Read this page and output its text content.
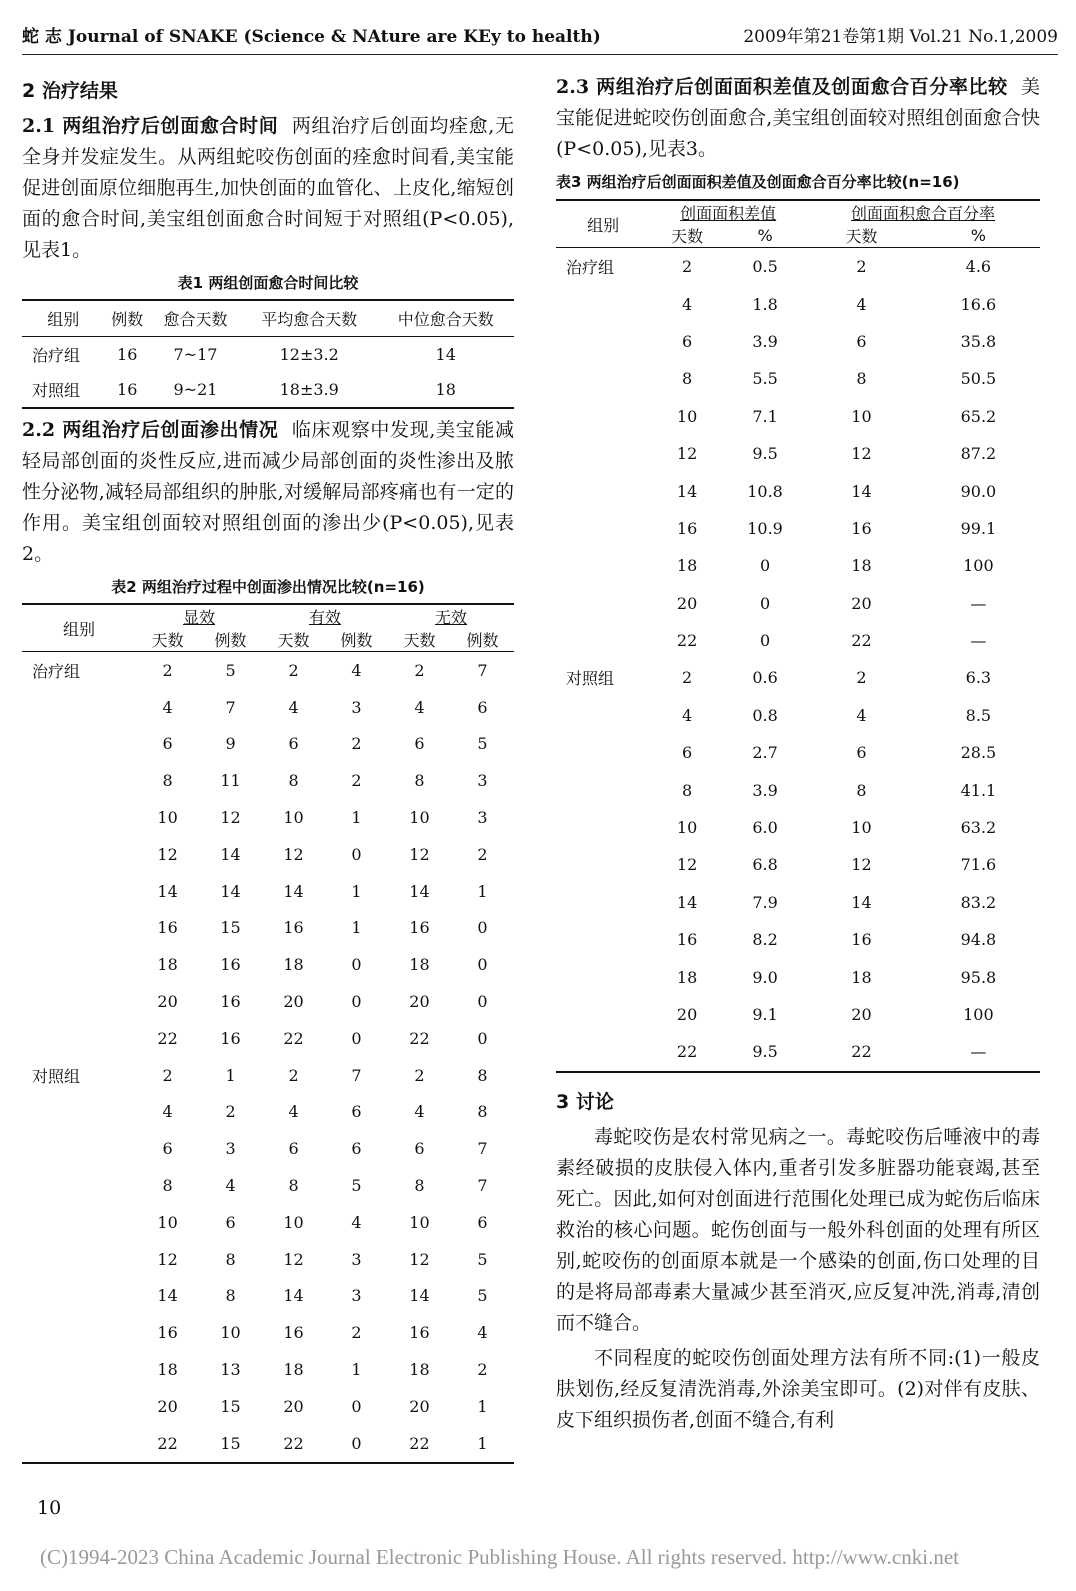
蛇 志 Journal of SNAKE (Science & NAture are KEy to health)	2009年第21卷第1期 Vol.21 No.1,2009
2 治疗结果

2.1 两组治疗后创面愈合时间 两组治疗后创面均痊愈,无全身并发症发生。从两组蛇咬伤创面的痊愈时间看,美宝能促进创面原位细胞再生,加快创面的血管化、上皮化,缩短创面的愈合时间,美宝组创面愈合时间短于对照组(P<0.05),见表1。

表1 两组创面愈合时间比较
组别	例数	愈合天数	平均愈合天数	中位愈合天数
治疗组	16	7~17	12±3.2	14
对照组	16	9~21	18±3.9	18

2.2 两组治疗后创面渗出情况 临床观察中发现,美宝能减轻局部创面的炎性反应,进而减少局部创面的炎性渗出及脓性分泌物,减轻局部组织的肿胀,对缓解局部疼痛也有一定的作用。美宝组创面较对照组创面的渗出少(P<0.05),见表2。

表2 两组治疗过程中创面渗出情况比较(n=16)
组别	显效		有效		无效	
	天数	例数	天数	例数	天数	例数
治疗组	2	5	2	4	2	7
	4	7	4	3	4	6
	6	9	6	2	6	5
	8	11	8	2	8	3
	10	12	10	1	10	3
	12	14	12	0	12	2
	14	14	14	1	14	1
	16	15	16	1	16	0
	18	16	18	0	18	0
	20	16	20	0	20	0
	22	16	22	0	22	0
对照组	2	1	2	7	2	8
	4	2	4	6	4	8
	6	3	6	6	6	7
	8	4	8	5	8	7
	10	6	10	4	10	6
	12	8	12	3	12	5
	14	8	14	3	14	5
	16	10	16	2	16	4
	18	13	18	1	18	2
	20	15	20	0	20	1
	22	15	22	0	22	1

2.3 两组治疗后创面面积差值及创面愈合百分率比较 美宝能促进蛇咬伤创面愈合,美宝组创面较对照组创面愈合快(P<0.05),见表3。

表3 两组治疗后创面面积差值及创面愈合百分率比较(n=16)
组别	创面面积差值		创面面积愈合百分率	
	天数	%	天数	%
治疗组	2	0.5	2	4.6
	4	1.8	4	16.6
	6	3.9	6	35.8
	8	5.5	8	50.5
	10	7.1	10	65.2
	12	9.5	12	87.2
	14	10.8	14	90.0
	16	10.9	16	99.1
	18	0	18	100
	20	0	20	—
	22	0	22	—
对照组	2	0.6	2	6.3
	4	0.8	4	8.5
	6	2.7	6	28.5
	8	3.9	8	41.1
	10	6.0	10	63.2
	12	6.8	12	71.6
	14	7.9	14	83.2
	16	8.2	16	94.8
	18	9.0	18	95.8
	20	9.1	20	100
	22	9.5	22	—
3 讨论

毒蛇咬伤是农村常见病之一。毒蛇咬伤后唾液中的毒素经破损的皮肤侵入体内,重者引发多脏器功能衰竭,甚至死亡。因此,如何对创面进行范围化处理已成为蛇伤后临床救治的核心问题。蛇伤创面与一般外科创面的处理有所区别,蛇咬伤的创面原本就是一个感染的创面,伤口处理的目的是将局部毒素大量减少甚至消灭,应反复冲洗,消毒,清创而不缝合。

不同程度的蛇咬伤创面处理方法有所不同:(1)一般皮肤划伤,经反复清洗消毒,外涂美宝即可。(2)对伴有皮肤、皮下组织损伤者,创面不缝合,有利

10
(C)1994-2023 China Academic Journal Electronic Publishing House. All rights reserved. http://www.cnki.net
